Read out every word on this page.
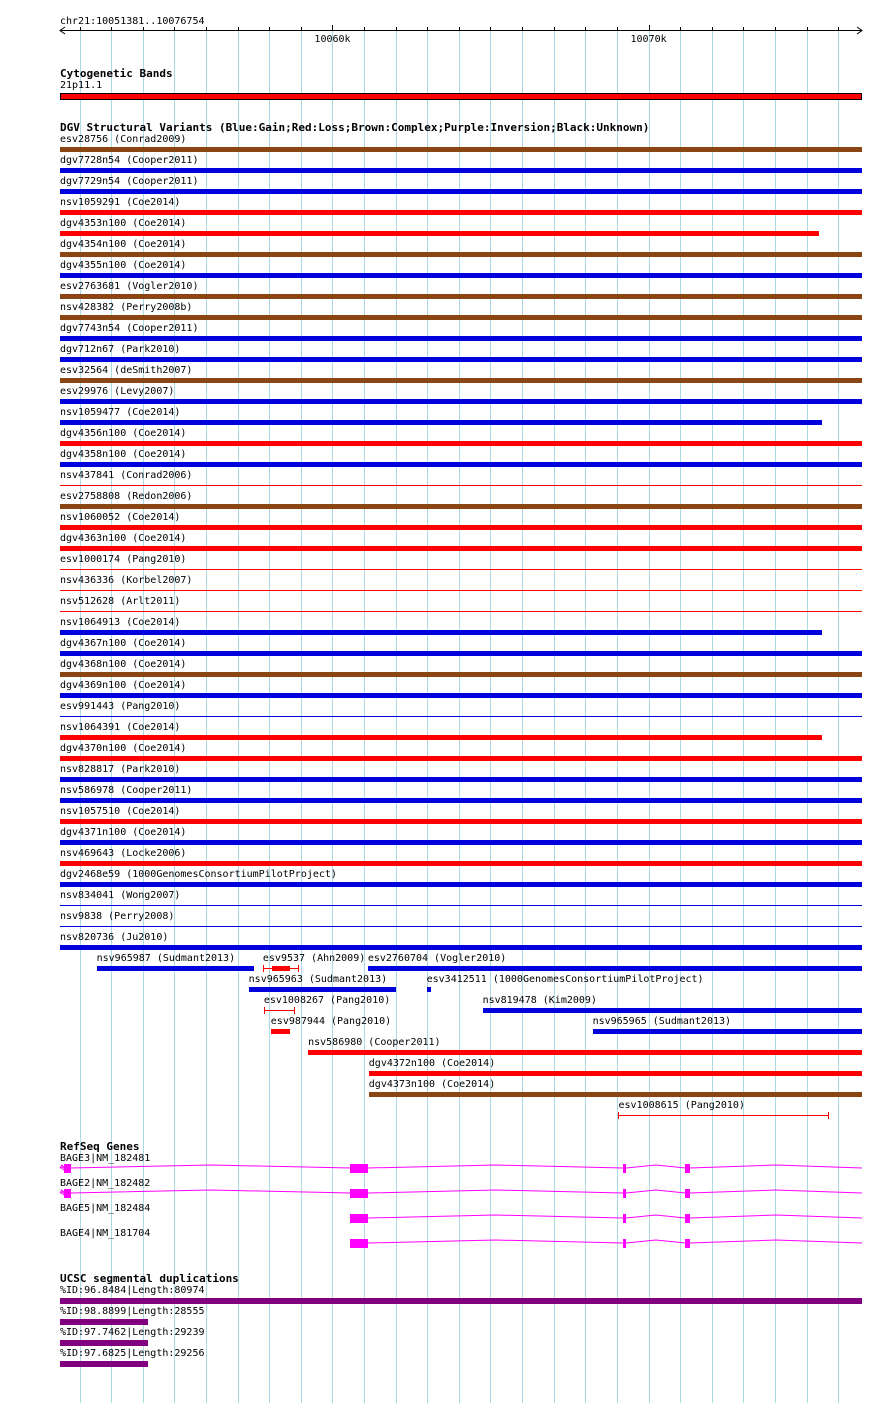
chr21:10051381..10076754
10060k	10070k
Cytogenetic Bands
21p11.1
DGV Structural Variants (Blue:Gain;Red:Loss;Brown:Complex;Purple:Inversion;Black:Unknown)
esv28756 (Conrad2009)
dgv7728n54 (Cooper2011)
dgv7729n54 (Cooper2011)
nsv1059291 (Coe2014)
dgv4353n100 (Coe2014)
dgv4354n100 (Coe2014)
dgv4355n100 (Coe2014)
esv2763681 (Vogler2010)
nsv428382 (Perry2008b)
dgv7743n54 (Cooper2011)
dgv712n67 (Park2010)
esv32564 (deSmith2007)
esv29976 (Levy2007)
nsv1059477 (Coe2014)
dgv4356n100 (Coe2014)
dgv4358n100 (Coe2014)
nsv437841 (Conrad2006)
esv2758808 (Redon2006)
nsv1060052 (Coe2014)
dgv4363n100 (Coe2014)
esv1000174 (Pang2010)
nsv436336 (Korbel2007)
nsv512628 (Arlt2011)
nsv1064913 (Coe2014)
dgv4367n100 (Coe2014)
dgv4368n100 (Coe2014)
dgv4369n100 (Coe2014)
esv991443 (Pang2010)
nsv1064391 (Coe2014)
dgv4370n100 (Coe2014)
nsv828817 (Park2010)
nsv586978 (Cooper2011)
nsv1057510 (Coe2014)
dgv4371n100 (Coe2014)
nsv469643 (Locke2006)
dgv2468e59 (1000GenomesConsortiumPilotProject)
nsv834041 (Wong2007)
nsv9838 (Perry2008)
nsv820736 (Ju2010)
nsv965987 (Sudmant2013)	esv9537 (Ahn2009) esv2760704 (Vogler2010)
nsv965963 (Sudmant2013)	esv3412511 (1000GenomesConsortiumPilotProject)
esv1008267 (Pang2010)	nsv819478 (Kim2009)
esv987944 (Pang2010)	nsv965965 (Sudmant2013)
nsv586980 (Cooper2011)
dgv4372n100 (Coe2014)
dgv4373n100 (Coe2014)
esv1008615 (Pang2010)
RefSeq Genes
BAGE3|NM_182481
BAGE2|NM_182482
BAGE5|NM_182484
BAGE4|NM_181704
UCSC segmental duplications
%ID:96.8484|Length:80974
%ID:98.8899|Length:28555
%ID:97.7462|Length:29239
%ID:97.6825|Length:29256
